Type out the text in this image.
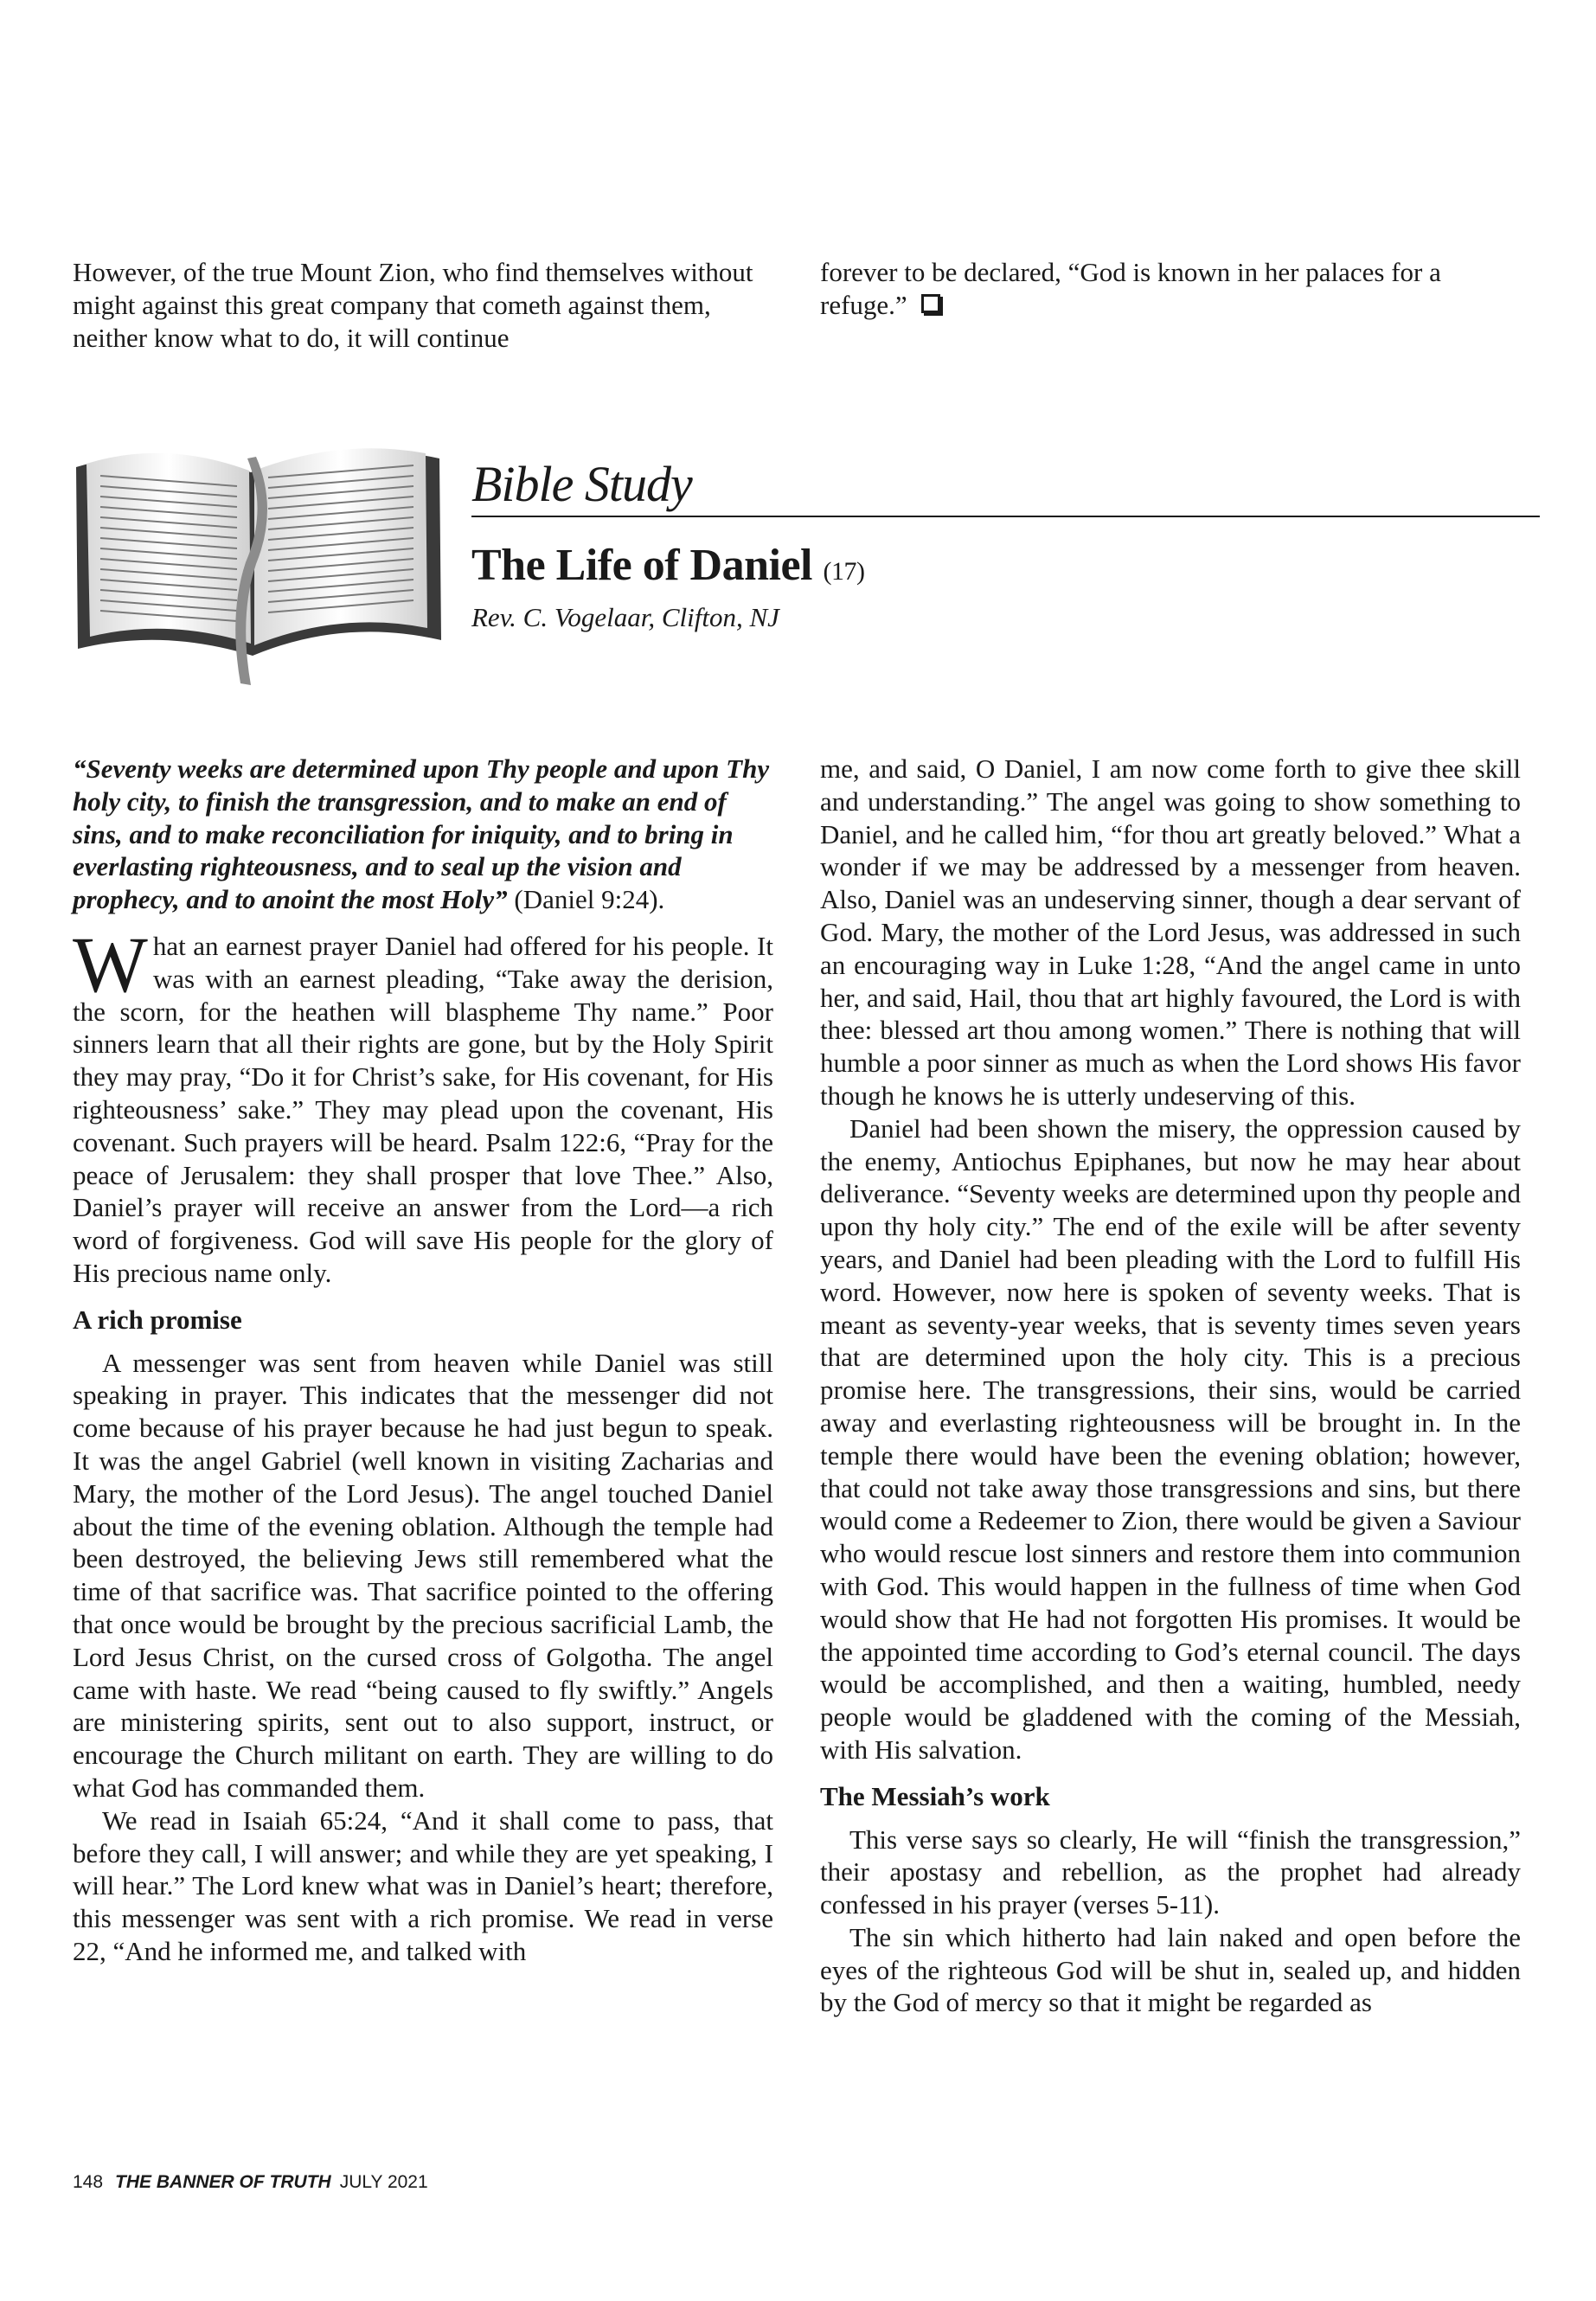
However, of the true Mount Zion, who find themselves without might against this great company that cometh against them, neither know what to do, it will continue

forever to be declared, “God is known in her palaces for a refuge.”

Bible Study
The Life of Daniel (17)
Rev. C. Vogelaar, Clifton, NJ

“Seventy weeks are determined upon Thy people and upon Thy holy city, to finish the transgression, and to make an end of sins, and to make reconciliation for iniquity, and to bring in everlasting righteousness, and to seal up the vision and prophecy, and to anoint the most Holy” (Daniel 9:24).

What an earnest prayer Daniel had offered for his people. It was with an earnest pleading, “Take away the derision, the scorn, for the heathen will blaspheme Thy name.” Poor sinners learn that all their rights are gone, but by the Holy Spirit they may pray, “Do it for Christ’s sake, for His covenant, for His righteousness’ sake.” They may plead upon the covenant, His covenant. Such prayers will be heard. Psalm 122:6, “Pray for the peace of Jerusalem: they shall prosper that love Thee.” Also, Daniel’s prayer will receive an answer from the Lord—a rich word of forgiveness. God will save His people for the glory of His precious name only.

A rich promise

A messenger was sent from heaven while Daniel was still speaking in prayer. This indicates that the messenger did not come because of his prayer because he had just begun to speak. It was the angel Gabriel (well known in visiting Zacharias and Mary, the mother of the Lord Jesus). The angel touched Daniel about the time of the evening oblation. Although the temple had been destroyed, the believing Jews still remembered what the time of that sacrifice was. That sacrifice pointed to the offering that once would be brought by the precious sacrificial Lamb, the Lord Jesus Christ, on the cursed cross of Golgotha. The angel came with haste. We read “being caused to fly swiftly.” Angels are ministering spirits, sent out to also support, instruct, or encourage the Church militant on earth. They are willing to do what God has commanded them.

We read in Isaiah 65:24, “And it shall come to pass, that before they call, I will answer; and while they are yet speaking, I will hear.” The Lord knew what was in Daniel’s heart; therefore, this messenger was sent with a rich promise. We read in verse 22, “And he informed me, and talked with

me, and said, O Daniel, I am now come forth to give thee skill and understanding.” The angel was going to show something to Daniel, and he called him, “for thou art greatly beloved.” What a wonder if we may be addressed by a messenger from heaven. Also, Daniel was an undeserving sinner, though a dear servant of God. Mary, the mother of the Lord Jesus, was addressed in such an encouraging way in Luke 1:28, “And the angel came in unto her, and said, Hail, thou that art highly favoured, the Lord is with thee: blessed art thou among women.” There is nothing that will humble a poor sinner as much as when the Lord shows His favor though he knows he is utterly undeserving of this.

Daniel had been shown the misery, the oppression caused by the enemy, Antiochus Epiphanes, but now he may hear about deliverance. “Seventy weeks are determined upon thy people and upon thy holy city.” The end of the exile will be after seventy years, and Daniel had been pleading with the Lord to fulfill His word. However, now here is spoken of seventy weeks. That is meant as seventy-year weeks, that is seventy times seven years that are determined upon the holy city. This is a precious promise here. The transgressions, their sins, would be carried away and everlasting righteousness will be brought in. In the temple there would have been the evening oblation; however, that could not take away those transgressions and sins, but there would come a Redeemer to Zion, there would be given a Saviour who would rescue lost sinners and restore them into communion with God. This would happen in the fullness of time when God would show that He had not forgotten His promises. It would be the appointed time according to God’s eternal council. The days would be accomplished, and then a waiting, humbled, needy people would be gladdened with the coming of the Messiah, with His salvation.

The Messiah’s work

This verse says so clearly, He will “finish the transgression,” their apostasy and rebellion, as the prophet had already confessed in his prayer (verses 5-11).

The sin which hitherto had lain naked and open before the eyes of the righteous God will be shut in, sealed up, and hidden by the God of mercy so that it might be regarded as

148 THE BANNER OF TRUTH JULY 2021
